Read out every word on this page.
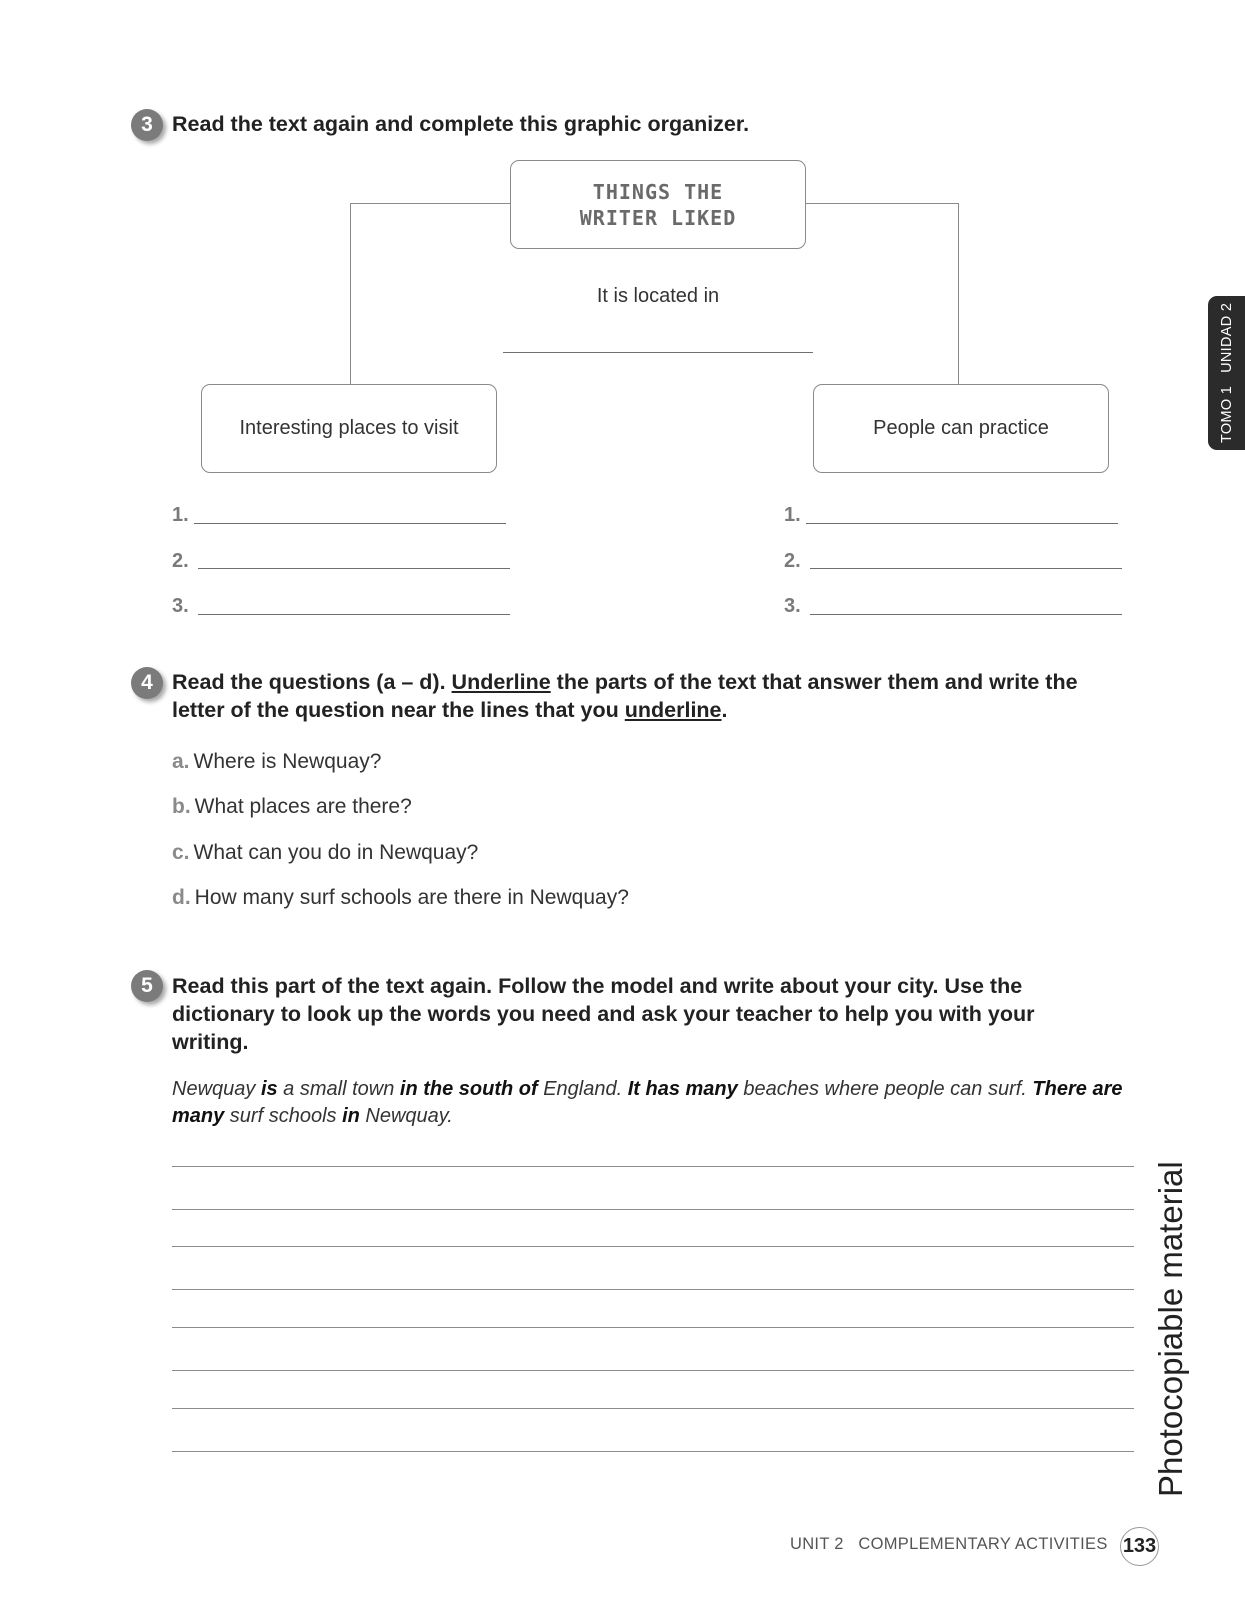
3 Read the text again and complete this graphic organizer.
THINGS THE
WRITER LIKED
It is located in
Interesting places to visit	People can practice
1.
2.
3.
1.
2.
3.
4 Read the questions (a – d). Underline the parts of the text that answer them and write the
letter of the question near the lines that you underline.
a. Where is Newquay?
b. What places are there?
c. What can you do in Newquay?
d. How many surf schools are there in Newquay?
5 Read this part of the text again. Follow the model and write about your city. Use the
dictionary to look up the words you need and ask your teacher to help you with your
writing.
Newquay is a small town in the south of England. It has many beaches where people can surf. There are many surf schools in Newquay.
TOMO 1   UNIDAD 2
Photocopiable material
UNIT 2   COMPLEMENTARY ACTIVITIES 133
